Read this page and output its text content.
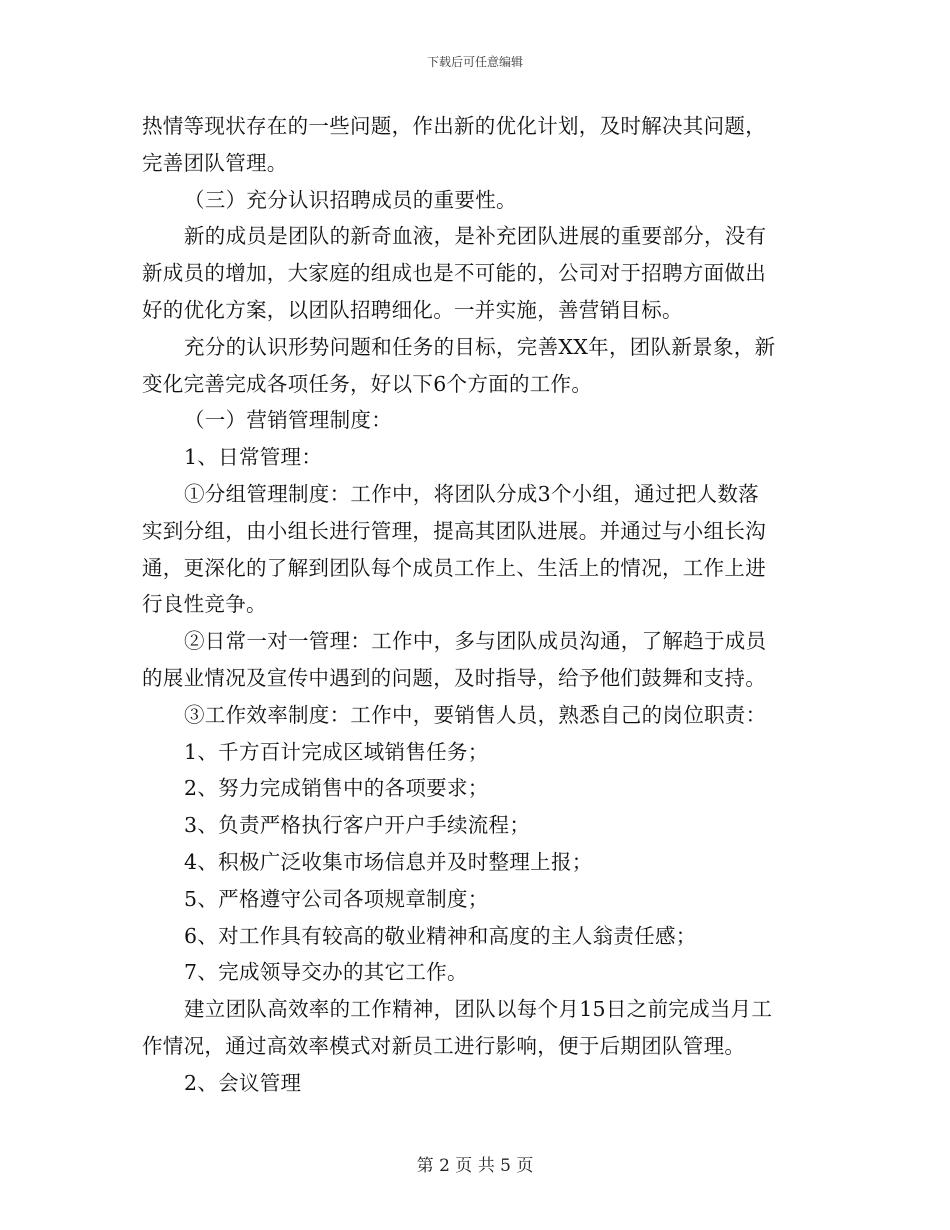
下载后可任意编辑
热情等现状存在的一些问题，作出新的优化计划，及时解决其问题，
完善团队管理。
（三）充分认识招聘成员的重要性。
新的成员是团队的新奇血液，是补充团队进展的重要部分，没有
新成员的增加，大家庭的组成也是不可能的，公司对于招聘方面做出
好的优化方案，以团队招聘细化。一并实施，善营销目标。
充分的认识形势问题和任务的目标，完善XX年，团队新景象，新
变化完善完成各项任务，好以下6个方面的工作。
（一）营销管理制度：
1、日常管理：
①分组管理制度：工作中，将团队分成3个小组，通过把人数落
实到分组，由小组长进行管理，提高其团队进展。并通过与小组长沟
通，更深化的了解到团队每个成员工作上、生活上的情况，工作上进
行良性竞争。
②日常一对一管理：工作中，多与团队成员沟通，了解趋于成员
的展业情况及宣传中遇到的问题，及时指导，给予他们鼓舞和支持。
③工作效率制度：工作中，要销售人员，熟悉自己的岗位职责：
1、千方百计完成区域销售任务；
2、努力完成销售中的各项要求；
3、负责严格执行客户开户手续流程；
4、积极广泛收集市场信息并及时整理上报；
5、严格遵守公司各项规章制度；
6、对工作具有较高的敬业精神和高度的主人翁责任感；
7、完成领导交办的其它工作。
建立团队高效率的工作精神，团队以每个月15日之前完成当月工
作情况，通过高效率模式对新员工进行影响，便于后期团队管理。
2、会议管理
第 2 页 共 5 页
